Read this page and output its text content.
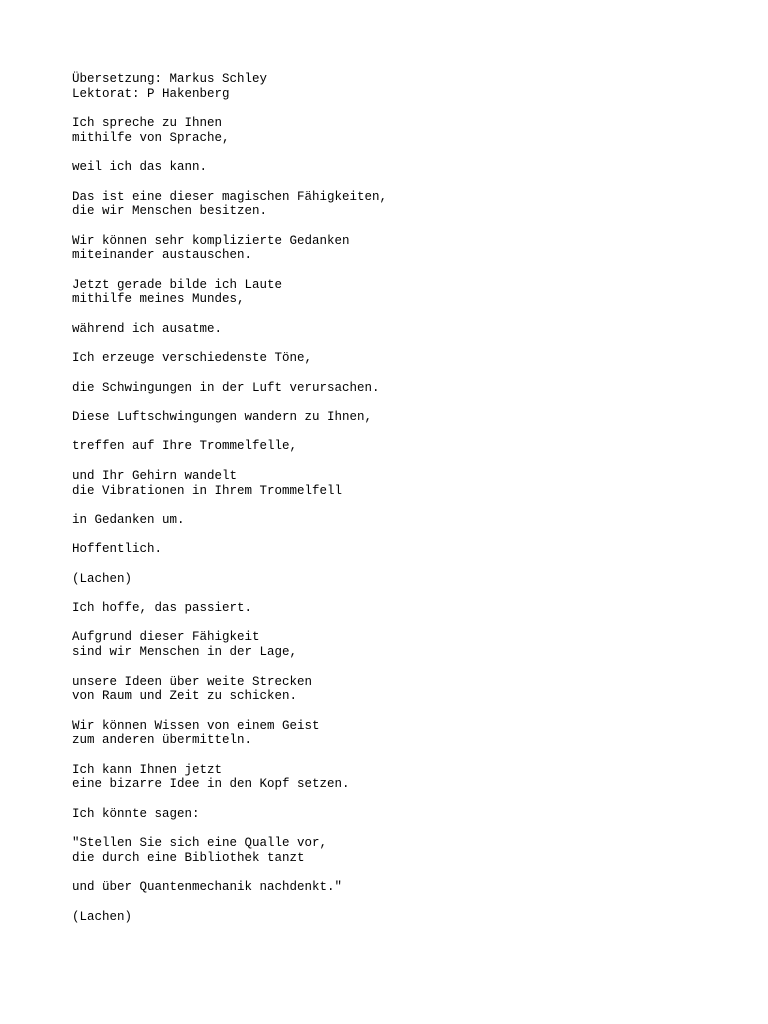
Übersetzung: Markus Schley
Lektorat: P Hakenberg
Ich spreche zu Ihnen
mithilfe von Sprache,
weil ich das kann.
Das ist eine dieser magischen Fähigkeiten,
die wir Menschen besitzen.
Wir können sehr komplizierte Gedanken
miteinander austauschen.
Jetzt gerade bilde ich Laute
mithilfe meines Mundes,
während ich ausatme.
Ich erzeuge verschiedenste Töne,
die Schwingungen in der Luft verursachen.
Diese Luftschwingungen wandern zu Ihnen,
treffen auf Ihre Trommelfelle,
und Ihr Gehirn wandelt
die Vibrationen in Ihrem Trommelfell
in Gedanken um.
Hoffentlich.
(Lachen)
Ich hoffe, das passiert.
Aufgrund dieser Fähigkeit
sind wir Menschen in der Lage,
unsere Ideen über weite Strecken
von Raum und Zeit zu schicken.
Wir können Wissen von einem Geist
zum anderen übermitteln.
Ich kann Ihnen jetzt
eine bizarre Idee in den Kopf setzen.
Ich könnte sagen:
"Stellen Sie sich eine Qualle vor,
die durch eine Bibliothek tanzt
und über Quantenmechanik nachdenkt."
(Lachen)
